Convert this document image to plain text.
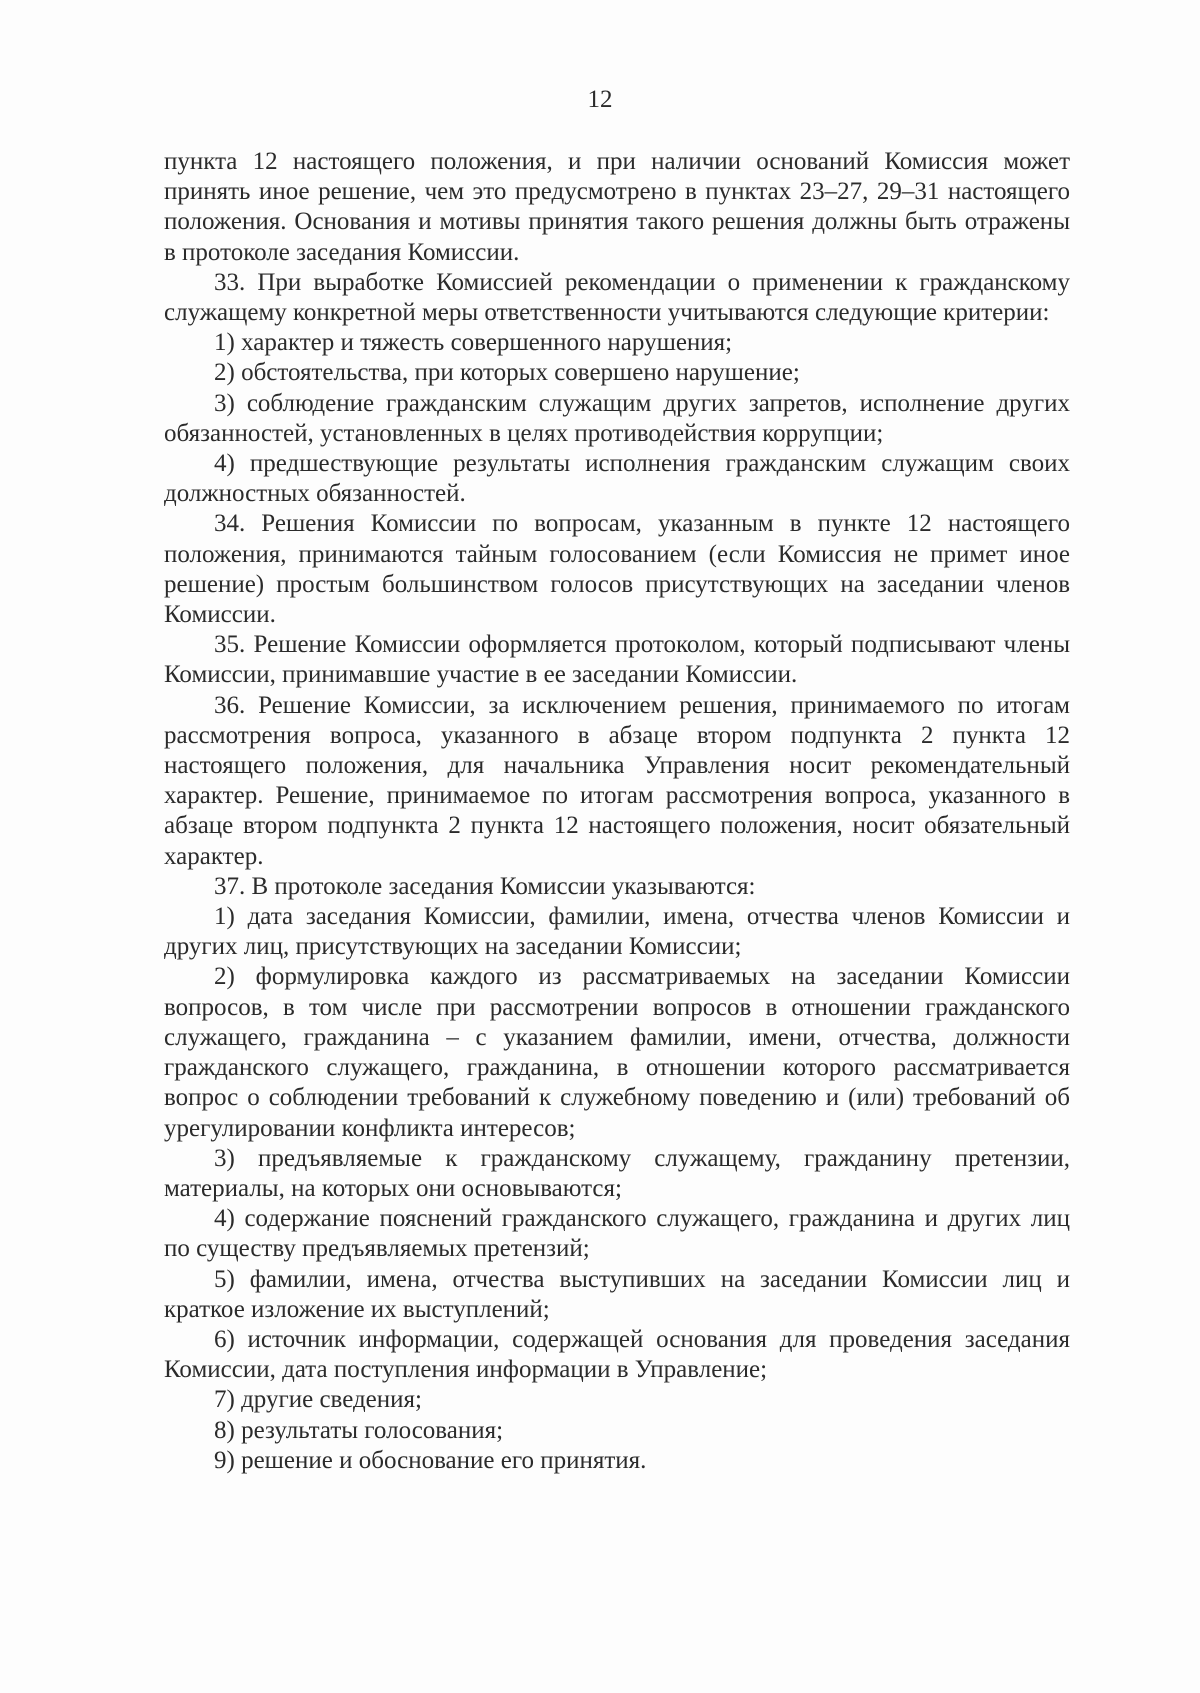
12

пункта 12 настоящего положения, и при наличии оснований Комиссия может принять иное решение, чем это предусмотрено в пунктах 23–27, 29–31 настоящего положения. Основания и мотивы принятия такого решения должны быть отражены в протоколе заседания Комиссии.

33. При выработке Комиссией рекомендации о применении к гражданскому служащему конкретной меры ответственности учитываются следующие критерии:

1) характер и тяжесть совершенного нарушения;

2) обстоятельства, при которых совершено нарушение;

3) соблюдение гражданским служащим других запретов, исполнение других обязанностей, установленных в целях противодействия коррупции;

4) предшествующие результаты исполнения гражданским служащим своих должностных обязанностей.

34. Решения Комиссии по вопросам, указанным в пункте 12 настоящего положения, принимаются тайным голосованием (если Комиссия не примет иное решение) простым большинством голосов присутствующих на заседании членов Комиссии.

35. Решение Комиссии оформляется протоколом, который подписывают члены Комиссии, принимавшие участие в ее заседании Комиссии.

36. Решение Комиссии, за исключением решения, принимаемого по итогам рассмотрения вопроса, указанного в абзаце втором подпункта 2 пункта 12 настоящего положения, для начальника Управления носит рекомендательный характер. Решение, принимаемое по итогам рассмотрения вопроса, указанного в абзаце втором подпункта 2 пункта 12 настоящего положения, носит обязательный характер.

37. В протоколе заседания Комиссии указываются:

1) дата заседания Комиссии, фамилии, имена, отчества членов Комиссии и других лиц, присутствующих на заседании Комиссии;

2) формулировка каждого из рассматриваемых на заседании Комиссии вопросов, в том числе при рассмотрении вопросов в отношении гражданского служащего, гражданина – с указанием фамилии, имени, отчества, должности гражданского служащего, гражданина, в отношении которого рассматривается вопрос о соблюдении требований к служебному поведению и (или) требований об урегулировании конфликта интересов;

3) предъявляемые к гражданскому служащему, гражданину претензии, материалы, на которых они основываются;

4) содержание пояснений гражданского служащего, гражданина и других лиц по существу предъявляемых претензий;

5) фамилии, имена, отчества выступивших на заседании Комиссии лиц и краткое изложение их выступлений;

6) источник информации, содержащей основания для проведения заседания Комиссии, дата поступления информации в Управление;

7) другие сведения;

8) результаты голосования;

9) решение и обоснование его принятия.
